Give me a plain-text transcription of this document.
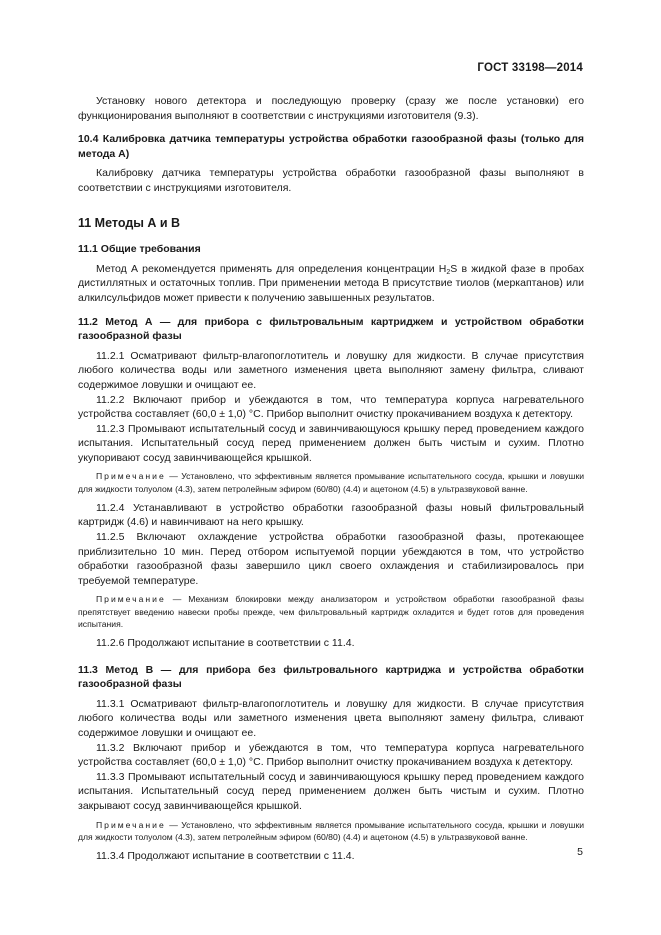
ГОСТ 33198—2014

Установку нового детектора и последующую проверку (сразу же после установки) его функционирования выполняют в соответствии с инструкциями изготовителя (9.3).

10.4 Калибровка датчика температуры устройства обработки газообразной фазы (только для метода А)

Калибровку датчика температуры устройства обработки газообразной фазы выполняют в соответствии с инструкциями изготовителя.

11 Методы А и В
11.1 Общие требования

Метод А рекомендуется применять для определения концентрации $H_2S$ в жидкой фазе в пробах дистиллятных и остаточных топлив. При применении метода В присутствие тиолов (меркаптанов) или алкилсульфидов может привести к получению завышенных результатов.

11.2 Метод А — для прибора с фильтровальным картриджем и устройством обработки газообразной фазы

11.2.1 Осматривают фильтр-влагопоглотитель и ловушку для жидкости. В случае присутствия любого количества воды или заметного изменения цвета выполняют замену фильтра, сливают содержимое ловушки и очищают ее.

11.2.2 Включают прибор и убеждаются в том, что температура корпуса нагревательного устройства составляет (60,0 ± 1,0) °С. Прибор выполнит очистку прокачиванием воздуха к детектору.

11.2.3 Промывают испытательный сосуд и завинчивающуюся крышку перед проведением каждого испытания. Испытательный сосуд перед применением должен быть чистым и сухим. Плотно укупоривают сосуд завинчивающейся крышкой.

Примечание — Установлено, что эффективным является промывание испытательного сосуда, крышки и ловушки для жидкости толуолом (4.3), затем петролейным эфиром (60/80) (4.4) и ацетоном (4.5) в ультразвуковой ванне.

11.2.4 Устанавливают в устройство обработки газообразной фазы новый фильтровальный картридж (4.6) и навинчивают на него крышку.

11.2.5 Включают охлаждение устройства обработки газообразной фазы, протекающее приблизительно 10 мин. Перед отбором испытуемой порции убеждаются в том, что устройство обработки газообразной фазы завершило цикл своего охлаждения и стабилизировалось при требуемой температуре.

Примечание — Механизм блокировки между анализатором и устройством обработки газообразной фазы препятствует введению навески пробы прежде, чем фильтровальный картридж охладится и будет готов для проведения испытания.

11.2.6 Продолжают испытание в соответствии с 11.4.

11.3 Метод В — для прибора без фильтровального картриджа и устройства обработки газообразной фазы

11.3.1 Осматривают фильтр-влагопоглотитель и ловушку для жидкости. В случае присутствия любого количества воды или заметного изменения цвета выполняют замену фильтра, сливают содержимое ловушки и очищают ее.

11.3.2 Включают прибор и убеждаются в том, что температура корпуса нагревательного устройства составляет (60,0 ± 1,0) °С. Прибор выполнит очистку прокачиванием воздуха к детектору.

11.3.3 Промывают испытательный сосуд и завинчивающуюся крышку перед проведением каждого испытания. Испытательный сосуд перед применением должен быть чистым и сухим. Плотно закрывают сосуд завинчивающейся крышкой.

Примечание — Установлено, что эффективным является промывание испытательного сосуда, крышки и ловушки для жидкости толуолом (4.3), затем петролейным эфиром (60/80) (4.4) и ацетоном (4.5) в ультразвуковой ванне.

11.3.4 Продолжают испытание в соответствии с 11.4.	5
